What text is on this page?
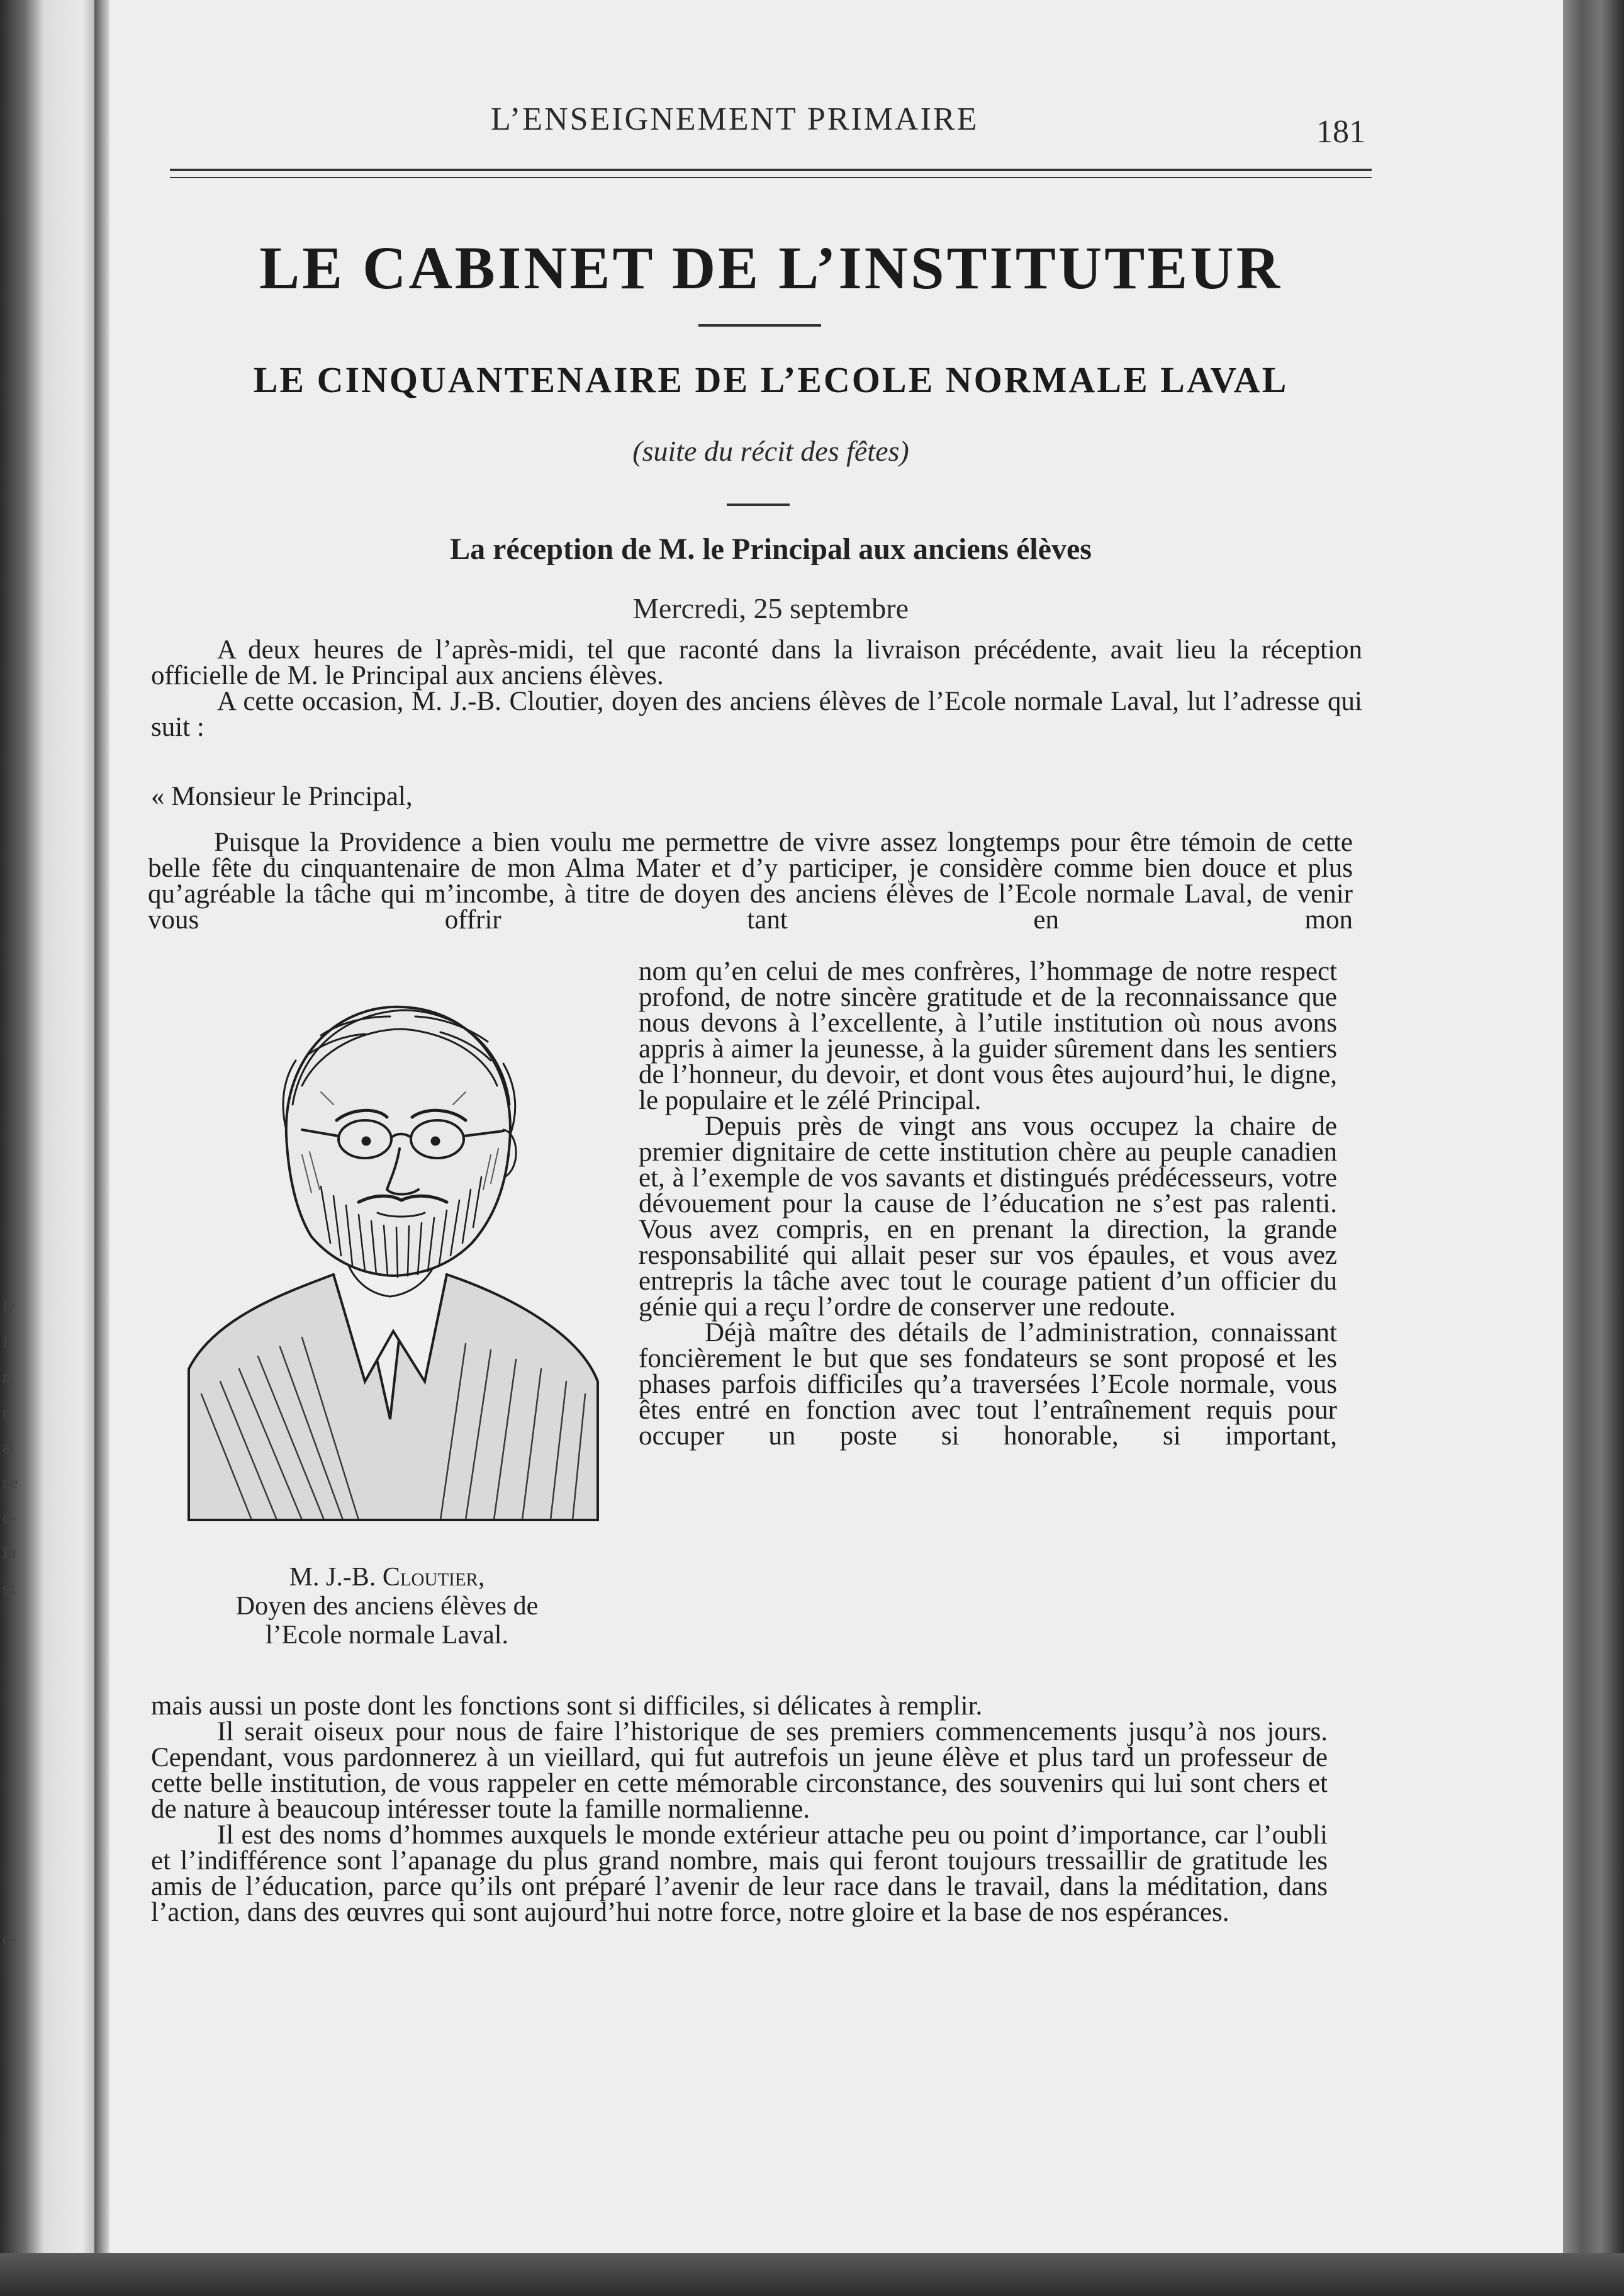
ly
It
n,
r.
al
ne
c-
In
ss
o-
L’ENSEIGNEMENT PRIMAIRE	181
LE CABINET DE L’INSTITUTEUR
LE CINQUANTENAIRE DE L’ECOLE NORMALE LAVAL
(suite du récit des fêtes)
La réception de M. le Principal aux anciens élèves
Mercredi, 25 septembre

A deux heures de l’après-midi, tel que raconté dans la livraison précédente, avait lieu la réception officielle de M. le Principal aux anciens élèves.

A cette occasion, M. J.-B. Cloutier, doyen des anciens élèves de l’Ecole normale Laval, lut l’adresse qui suit :

« Monsieur le Principal,

Puisque la Providence a bien voulu me permettre de vivre assez longtemps pour être témoin de cette belle fête du cinquantenaire de mon Alma Mater et d’y participer, je considère comme bien douce et plus qu’agréable la tâche qui m’incombe, à titre de doyen des anciens élèves de l’Ecole normale Laval, de venir vous offrir tant en mon

M. J.-B. Cloutier,
Doyen des anciens élèves de
l’Ecole normale Laval.

nom qu’en celui de mes confrères, l’hommage de notre respect profond, de notre sincère gratitude et de la reconnaissance que nous devons à l’excellente, à l’utile institution où nous avons appris à aimer la jeunesse, à la guider sûrement dans les sentiers de l’honneur, du devoir, et dont vous êtes aujourd’hui, le digne, le populaire et le zélé Principal.

Depuis près de vingt ans vous occupez la chaire de premier dignitaire de cette institution chère au peuple canadien et, à l’exemple de vos savants et distingués prédécesseurs, votre dévouement pour la cause de l’éducation ne s’est pas ralenti. Vous avez compris, en en prenant la direction, la grande responsabilité qui allait peser sur vos épaules, et vous avez entrepris la tâche avec tout le courage patient d’un officier du génie qui a reçu l’ordre de conserver une redoute.

Déjà maître des détails de l’administration, connaissant foncièrement le but que ses fondateurs se sont proposé et les phases parfois difficiles qu’a traversées l’Ecole normale, vous êtes entré en fonction avec tout l’entraînement requis pour occuper un poste si honorable, si important,

mais aussi un poste dont les fonctions sont si difficiles, si délicates à remplir.

Il serait oiseux pour nous de faire l’historique de ses premiers commencements jusqu’à nos jours. Cependant, vous pardonnerez à un vieillard, qui fut autrefois un jeune élève et plus tard un professeur de cette belle institution, de vous rappeler en cette mémorable circonstance, des souvenirs qui lui sont chers et de nature à beaucoup intéresser toute la famille normalienne.

Il est des noms d’hommes auxquels le monde extérieur attache peu ou point d’importance, car l’oubli et l’indifférence sont l’apanage du plus grand nombre, mais qui feront toujours tressaillir de gratitude les amis de l’éducation, parce qu’ils ont préparé l’avenir de leur race dans le travail, dans la méditation, dans l’action, dans des œuvres qui sont aujourd’hui notre force, notre gloire et la base de nos espérances.
